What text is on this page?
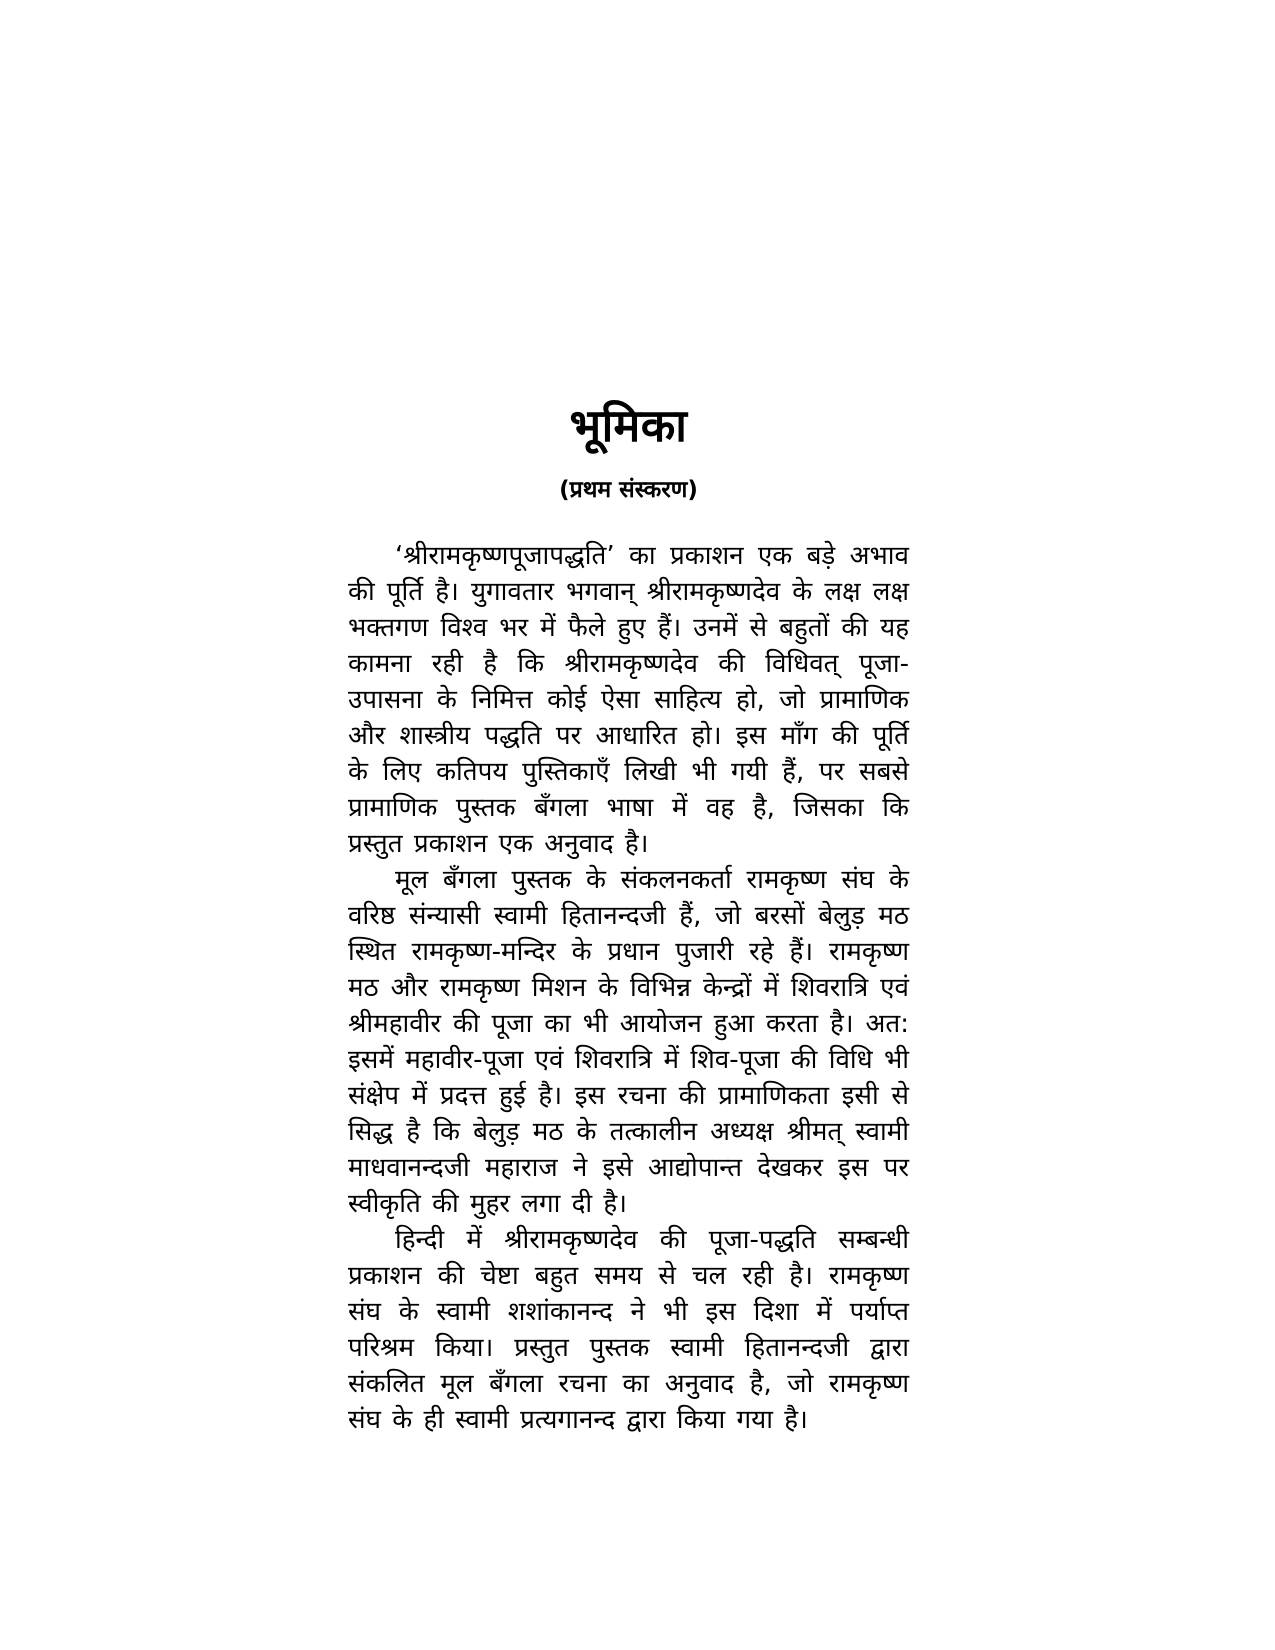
भूमिका
(प्रथम संस्करण)

‘श्रीरामकृष्णपूजापद्धति’ का प्रकाशन एक बड़े अभाव की पूर्ति है। युगावतार भगवान् श्रीरामकृष्णदेव के लक्ष लक्ष भक्तगण विश्व भर में फैले हुए हैं। उनमें से बहुतों की यह कामना रही है कि श्रीरामकृष्णदेव की विधिवत् पूजा-उपासना के निमित्त कोई ऐसा साहित्य हो, जो प्रामाणिक और शास्त्रीय पद्धति पर आधारित हो। इस माँग की पूर्ति के लिए कतिपय पुस्तिकाएँ लिखी भी गयी हैं, पर सबसे प्रामाणिक पुस्तक बँगला भाषा में वह है, जिसका कि प्रस्तुत प्रकाशन एक अनुवाद है।

मूल बँगला पुस्तक के संकलनकर्ता रामकृष्ण संघ के वरिष्ठ संन्यासी स्वामी हितानन्दजी हैं, जो बरसों बेलुड़ मठ स्थित रामकृष्ण-मन्दिर के प्रधान पुजारी रहे हैं। रामकृष्ण मठ और रामकृष्ण मिशन के विभिन्न केन्द्रों में शिवरात्रि एवं श्रीमहावीर की पूजा का भी आयोजन हुआ करता है। अत: इसमें महावीर-पूजा एवं शिवरात्रि में शिव-पूजा की विधि भी संक्षेप में प्रदत्त हुई है। इस रचना की प्रामाणिकता इसी से सिद्ध है कि बेलुड़ मठ के तत्कालीन अध्यक्ष श्रीमत् स्वामी माधवानन्दजी महाराज ने इसे आद्योपान्त देखकर इस पर स्वीकृति की मुहर लगा दी है।

हिन्दी में श्रीरामकृष्णदेव की पूजा-पद्धति सम्बन्धी प्रकाशन की चेष्टा बहुत समय से चल रही है। रामकृष्ण संघ के स्वामी शशांकानन्द ने भी इस दिशा में पर्याप्त परिश्रम किया। प्रस्तुत पुस्तक स्वामी हितानन्दजी द्वारा संकलित मूल बँगला रचना का अनुवाद है, जो रामकृष्ण संघ के ही स्वामी प्रत्यगानन्द द्वारा किया गया है।
